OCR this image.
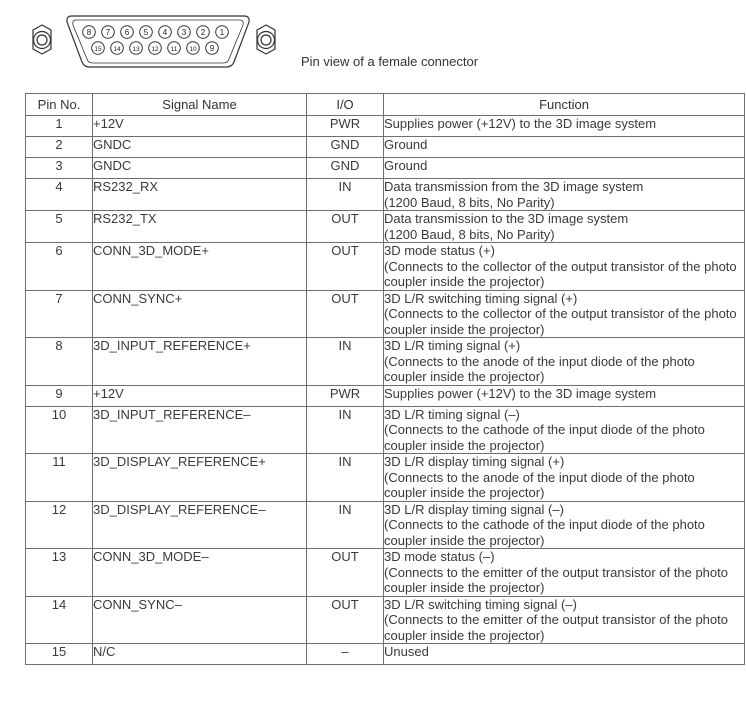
8 7 6 5 4 3 2 1
15 14 13 12 11 10 9
Pin view of a female connector
Pin No.	Signal Name	I/O	Function
1	+12V	PWR	Supplies power (+12V) to the 3D image system

2	GNDC	GND	Ground

3	GNDC	GND	Ground

4	RS232_RX	IN	Data transmission from the 3D image system
(1200 Baud, 8 bits, No Parity)

5	RS232_TX	OUT	Data transmission to the 3D image system
(1200 Baud, 8 bits, No Parity)

6	CONN_3D_MODE+	OUT	3D mode status (+)
(Connects to the collector of the output transistor of the photo
coupler inside the projector)

7	CONN_SYNC+	OUT	3D L/R switching timing signal (+)
(Connects to the collector of the output transistor of the photo
coupler inside the projector)

8	3D_INPUT_REFERENCE+	IN	3D L/R timing signal (+)
(Connects to the anode of the input diode of the photo
coupler inside the projector)

9	+12V	PWR	Supplies power (+12V) to the 3D image system

10	3D_INPUT_REFERENCE–	IN	3D L/R timing signal (–)
(Connects to the cathode of the input diode of the photo
coupler inside the projector)

11	3D_DISPLAY_REFERENCE+	IN	3D L/R display timing signal (+)
(Connects to the anode of the input diode of the photo
coupler inside the projector)

12	3D_DISPLAY_REFERENCE–	IN	3D L/R display timing signal (–)
(Connects to the cathode of the input diode of the photo
coupler inside the projector)

13	CONN_3D_MODE–	OUT	3D mode status (–)
(Connects to the emitter of the output transistor of the photo
coupler inside the projector)

14	CONN_SYNC–	OUT	3D L/R switching timing signal (–)
(Connects to the emitter of the output transistor of the photo
coupler inside the projector)

15	N/C	–	Unused
